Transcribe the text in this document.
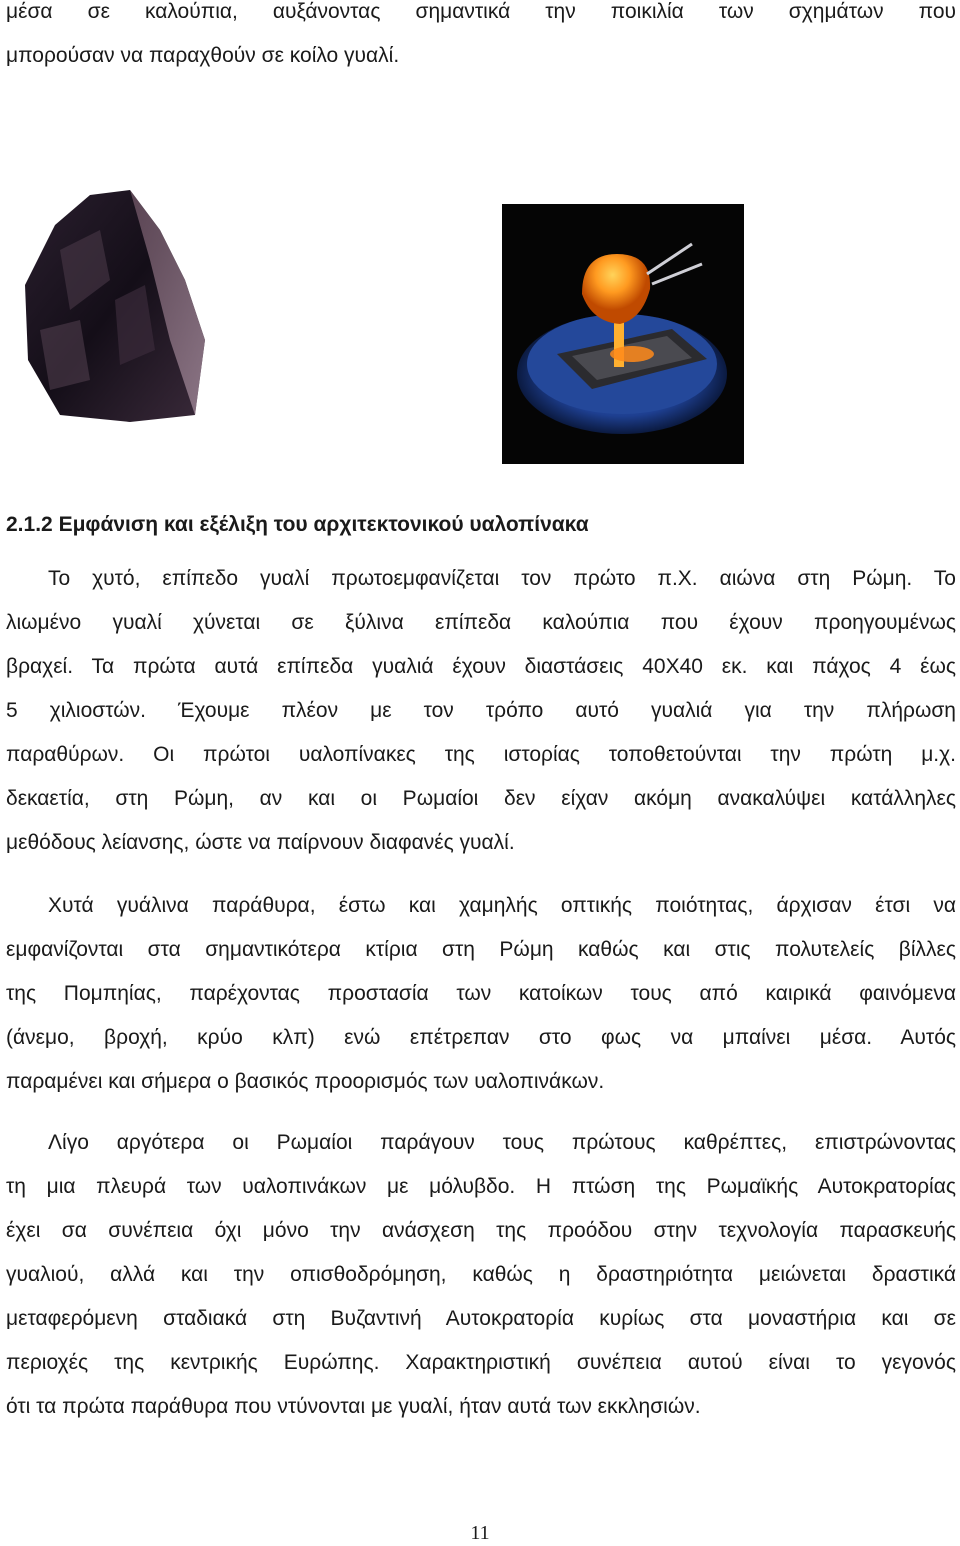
μέσα σε καλούπια, αυξάνοντας σημαντικά την ποικιλία των σχημάτων που
μπορούσαν να παραχθούν σε κοίλο γυαλί.
2.1.2 Εμφάνιση και εξέλιξη του αρχιτεκτονικού υαλοπίνακα
Το χυτό, επίπεδο γυαλί πρωτοεμφανίζεται τον πρώτο π.Χ. αιώνα στη Ρώμη. Το
λιωμένο γυαλί χύνεται σε ξύλινα επίπεδα καλούπια που έχουν προηγουμένως
βραχεί. Τα πρώτα αυτά επίπεδα γυαλιά έχουν διαστάσεις 40Χ40 εκ. και πάχος 4 έως
5 χιλιοστών. Έχουμε πλέον με τον τρόπο αυτό γυαλιά για την πλήρωση
παραθύρων. Οι πρώτοι υαλοπίνακες της ιστορίας τοποθετούνται την πρώτη μ.χ.
δεκαετία, στη Ρώμη, αν και οι Ρωμαίοι δεν είχαν ακόμη ανακαλύψει κατάλληλες
μεθόδους λείανσης, ώστε να παίρνουν διαφανές γυαλί.
Χυτά γυάλινα παράθυρα, έστω και χαμηλής οπτικής ποιότητας, άρχισαν έτσι να
εμφανίζονται στα σημαντικότερα κτίρια στη Ρώμη καθώς και στις πολυτελείς βίλλες
της Πομπηίας, παρέχοντας προστασία των κατοίκων τους από καιρικά φαινόμενα
(άνεμο, βροχή, κρύο κλπ) ενώ επέτρεπαν στο φως να μπαίνει μέσα. Αυτός
παραμένει και σήμερα ο βασικός προορισμός των υαλοπινάκων.
Λίγο αργότερα οι Ρωμαίοι παράγουν τους πρώτους καθρέπτες, επιστρώνοντας
τη μια πλευρά των υαλοπινάκων με μόλυβδο. Η πτώση της Ρωμαϊκής Αυτοκρατορίας
έχει σα συνέπεια όχι μόνο την ανάσχεση της προόδου στην τεχνολογία παρασκευής
γυαλιού, αλλά και την οπισθοδρόμηση, καθώς η δραστηριότητα μειώνεται δραστικά
μεταφερόμενη σταδιακά στη Βυζαντινή Αυτοκρατορία κυρίως στα μοναστήρια και σε
περιοχές της κεντρικής Ευρώπης. Χαρακτηριστική συνέπεια αυτού είναι το γεγονός
ότι τα πρώτα παράθυρα που ντύνονται με γυαλί, ήταν αυτά των εκκλησιών.
11
